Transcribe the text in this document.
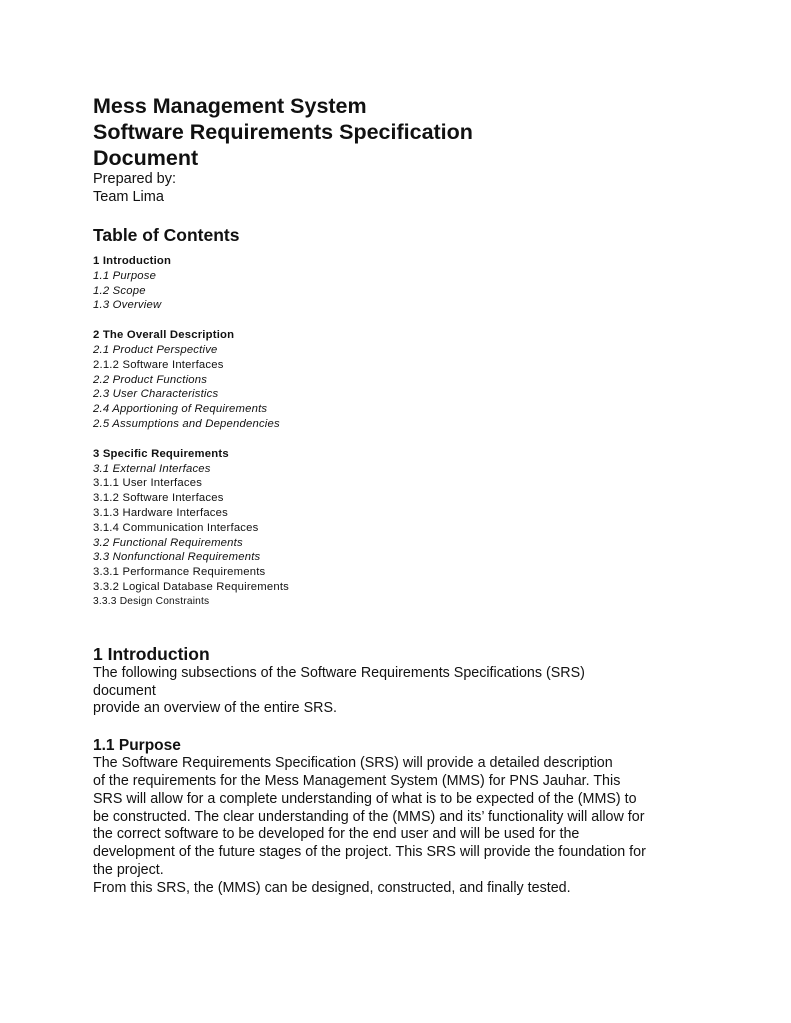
Mess Management System
Software Requirements Specification
Document
Prepared by:
Team Lima
Table of Contents
1 Introduction
1.1 Purpose
1.2 Scope
1.3 Overview
2 The Overall Description
2.1 Product Perspective
2.1.2 Software Interfaces
2.2 Product Functions
2.3 User Characteristics
2.4 Apportioning of Requirements
2.5 Assumptions and Dependencies
3 Specific Requirements
3.1 External Interfaces
3.1.1 User Interfaces
3.1.2 Software Interfaces
3.1.3 Hardware Interfaces
3.1.4 Communication Interfaces
3.2 Functional Requirements
3.3 Nonfunctional Requirements
3.3.1 Performance Requirements
3.3.2 Logical Database Requirements
3.3.3 Design Constraints
1 Introduction
The following subsections of the Software Requirements Specifications (SRS)
document
provide an overview of the entire SRS.
1.1 Purpose
The Software Requirements Specification (SRS) will provide a detailed description
of the requirements for the Mess Management System (MMS) for PNS Jauhar. This
SRS will allow for a complete understanding of what is to be expected of the (MMS) to
be constructed. The clear understanding of the (MMS) and its’ functionality will allow for
the correct software to be developed for the end user and will be used for the
development of the future stages of the project. This SRS will provide the foundation for
the project.
From this SRS, the (MMS) can be designed, constructed, and finally tested.
